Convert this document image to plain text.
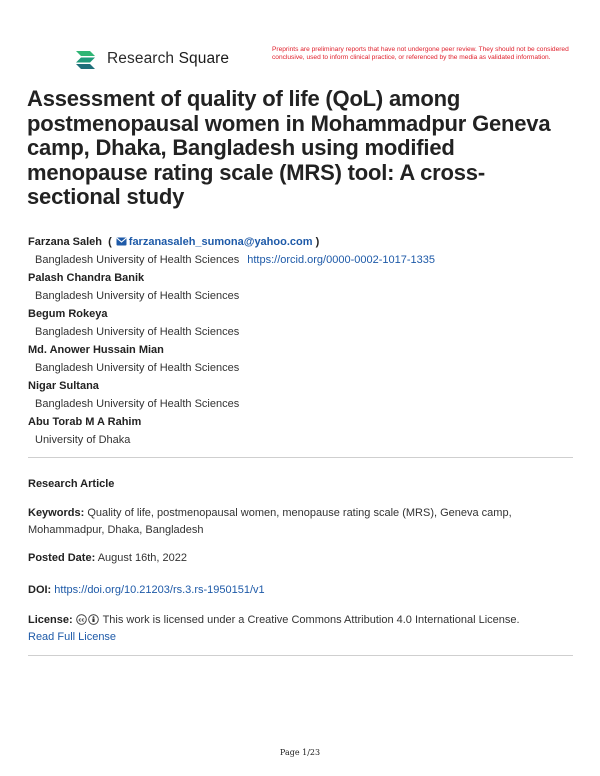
Research Square
Preprints are preliminary reports that have not undergone peer review. They should not be considered conclusive, used to inform clinical practice, or referenced by the media as validated information.
Assessment of quality of life (QoL) among postmenopausal women in Mohammadpur Geneva camp, Dhaka, Bangladesh using modified menopause rating scale (MRS) tool: A cross-sectional study
Farzana Saleh  ( farzanasaleh_sumona@yahoo.com )
Bangladesh University of Health Sciences https://orcid.org/0000-0002-1017-1335
Palash Chandra Banik
Bangladesh University of Health Sciences
Begum Rokeya
Bangladesh University of Health Sciences
Md. Anower Hussain Mian
Bangladesh University of Health Sciences
Nigar Sultana
Bangladesh University of Health Sciences
Abu Torab M A Rahim
University of Dhaka
Research Article
Keywords: Quality of life, postmenopausal women, menopause rating scale (MRS), Geneva camp, Mohammadpur, Dhaka, Bangladesh
Posted Date: August 16th, 2022
DOI: https://doi.org/10.21203/rs.3.rs-1950151/v1
License: cc This work is licensed under a Creative Commons Attribution 4.0 International License.
Read Full License
Page 1/23
